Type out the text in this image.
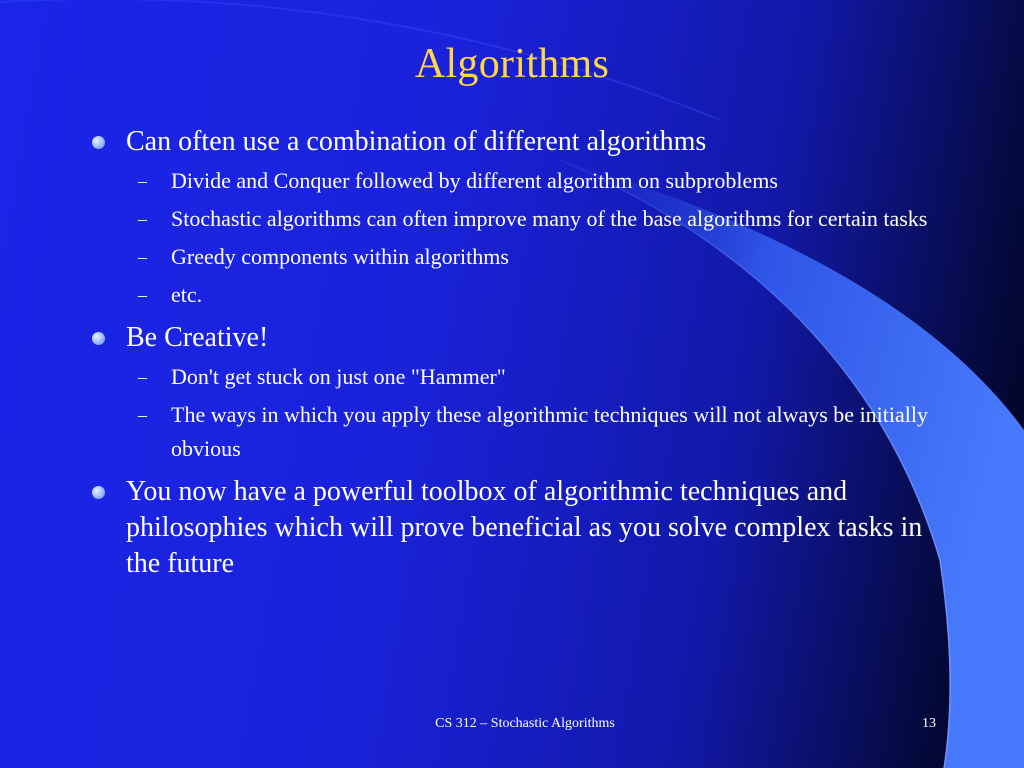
Algorithms
Can often use a combination of different algorithms
– Divide and Conquer followed by different algorithm on subproblems
– Stochastic algorithms can often improve many of the base algorithms for certain tasks
– Greedy components within algorithms
– etc.
Be Creative!
– Don't get stuck on just one "Hammer"
– The ways in which you apply these algorithmic techniques will not always be initially obvious
You now have a powerful toolbox of algorithmic techniques and philosophies which will prove beneficial as you solve complex tasks in the future
CS 312 – Stochastic Algorithms	13
